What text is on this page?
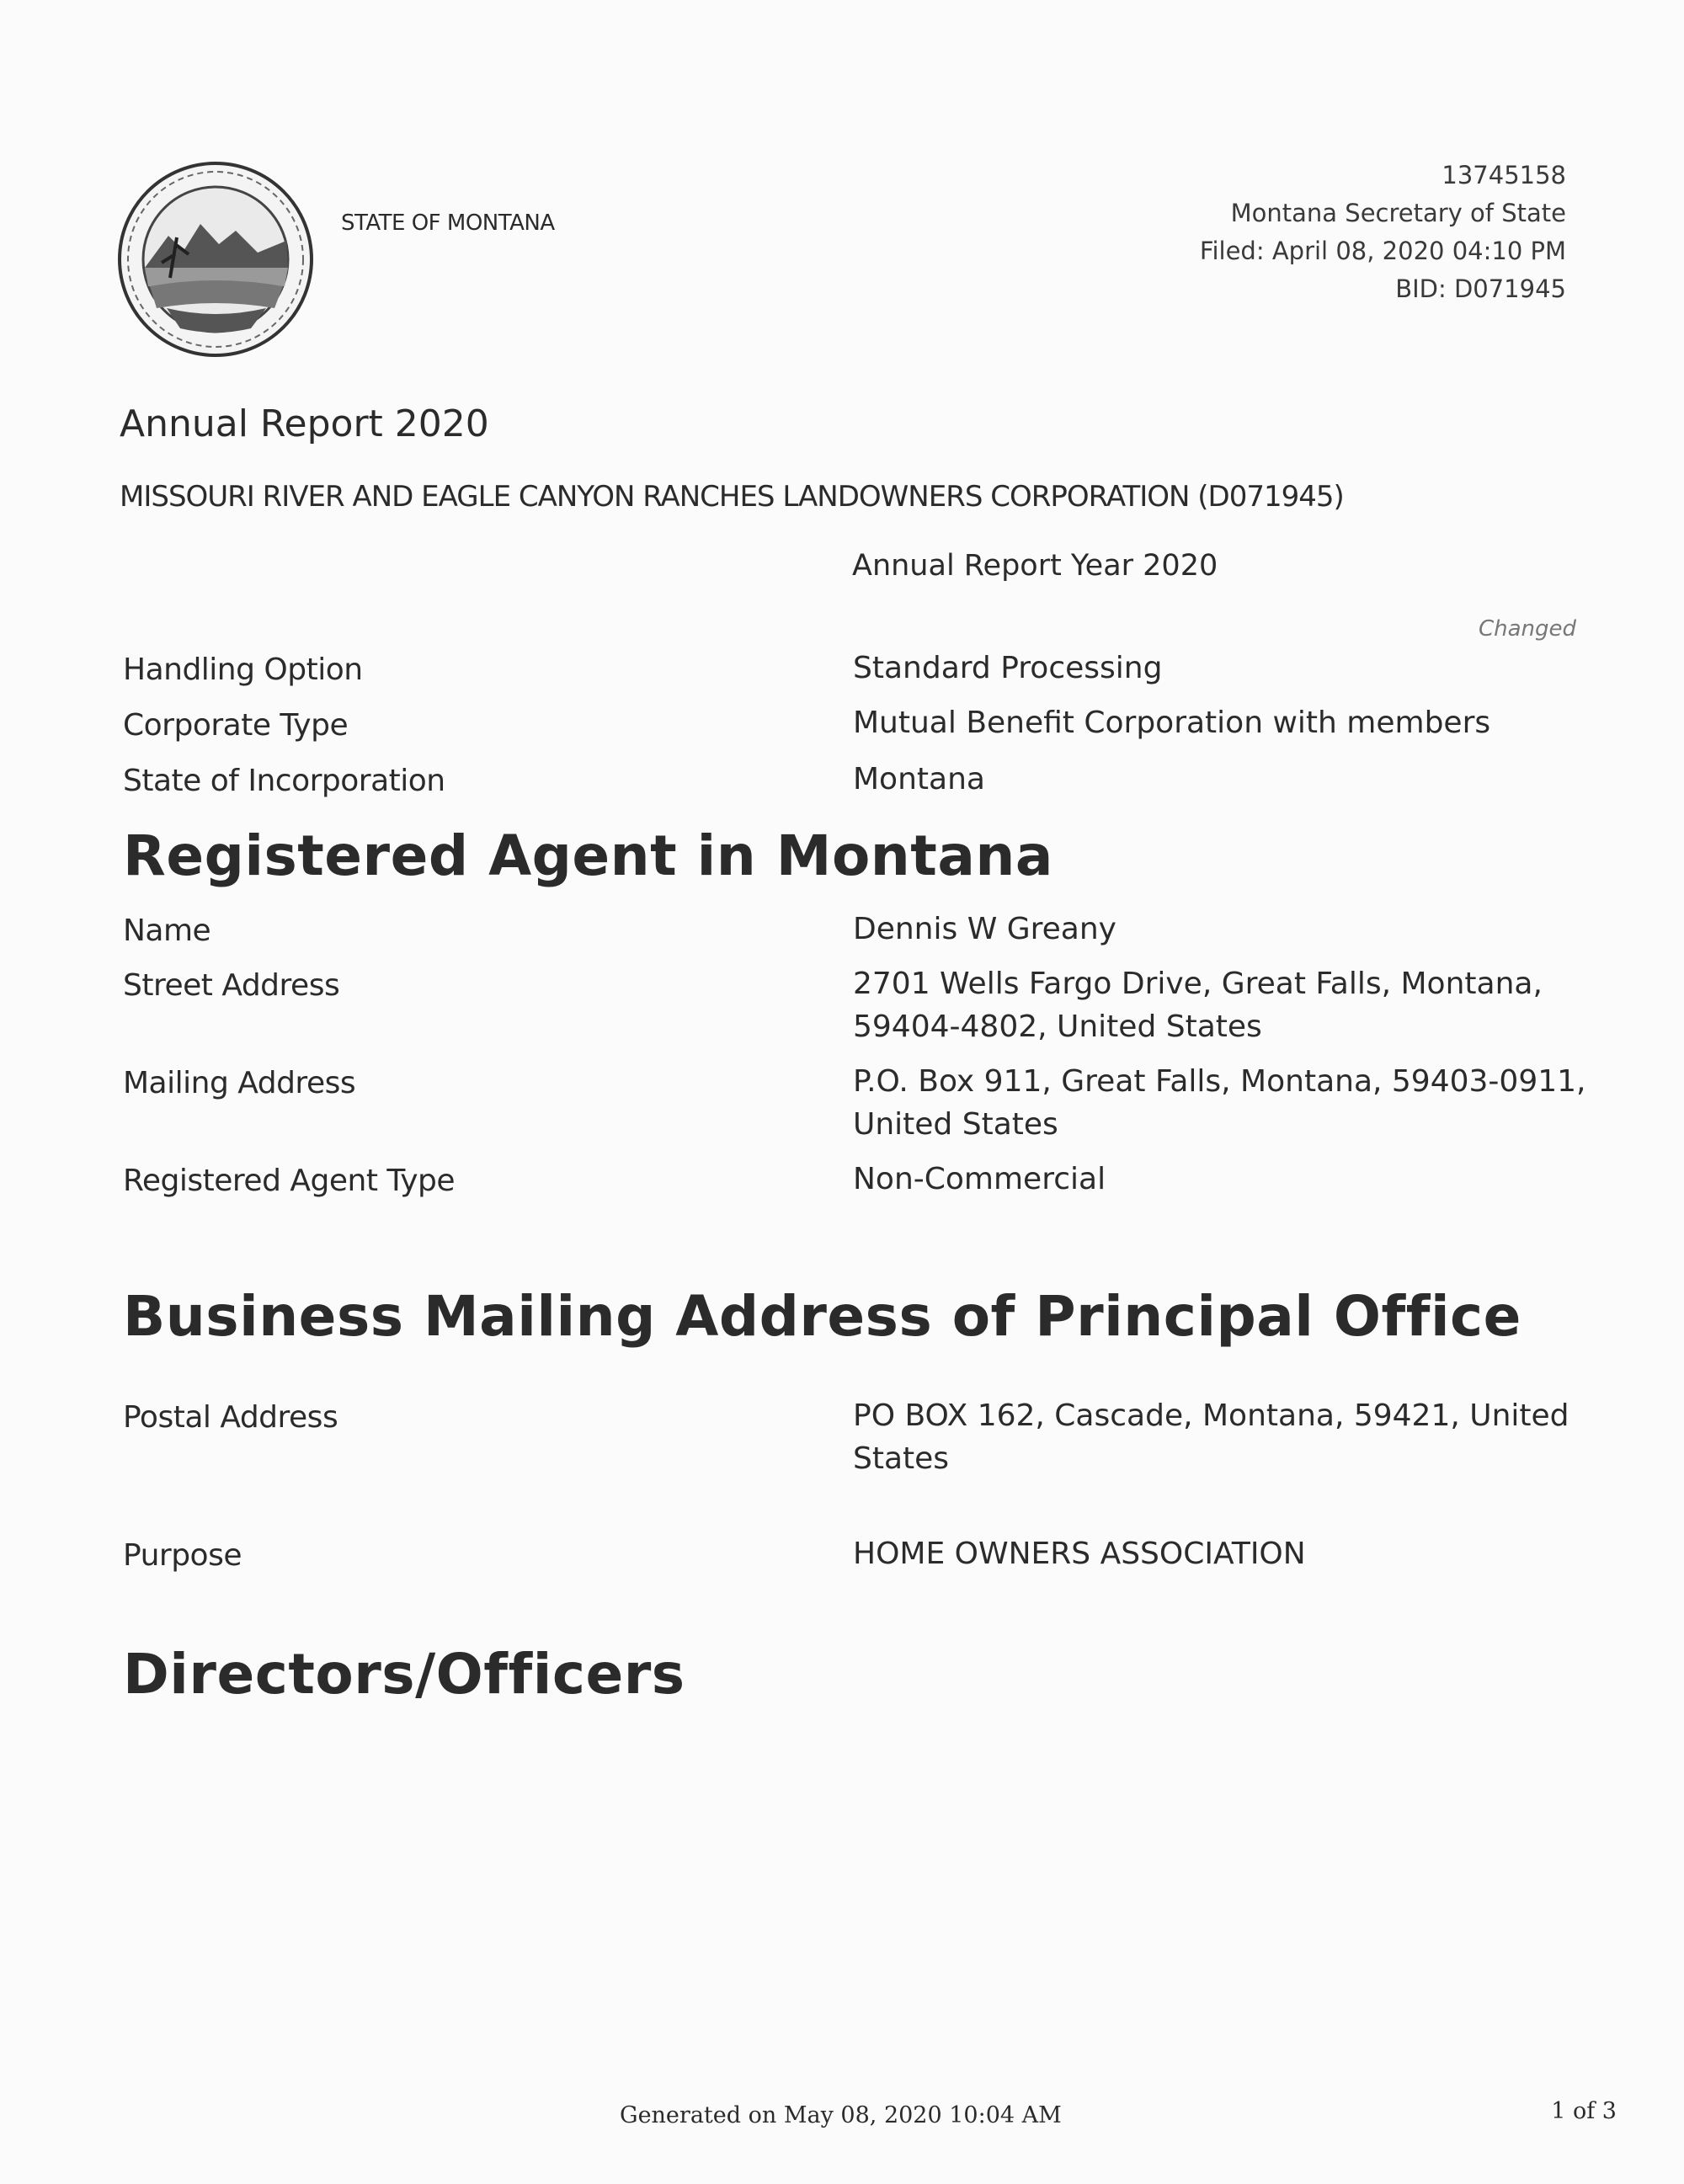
STATE OF MONTANA
13745158
Montana Secretary of State
Filed: April 08, 2020 04:10 PM
BID: D071945
Annual Report 2020
MISSOURI RIVER AND EAGLE CANYON RANCHES LANDOWNERS CORPORATION (D071945)
Annual Report Year 2020
Changed
Handling Option	Standard Processing
Corporate Type	Mutual Benefit Corporation with members
State of Incorporation	Montana
Registered Agent in Montana
Name	Dennis W Greany
Street Address	2701 Wells Fargo Drive, Great Falls, Montana, 59404-4802, United States
Mailing Address	P.O. Box 911, Great Falls, Montana, 59403-0911, United States
Registered Agent Type	Non-Commercial
Business Mailing Address of Principal Office
Postal Address	PO BOX 162, Cascade, Montana, 59421, United States
Purpose	HOME OWNERS ASSOCIATION
Directors/Officers
Generated on May 08, 2020 10:04 AM	1 of 3
